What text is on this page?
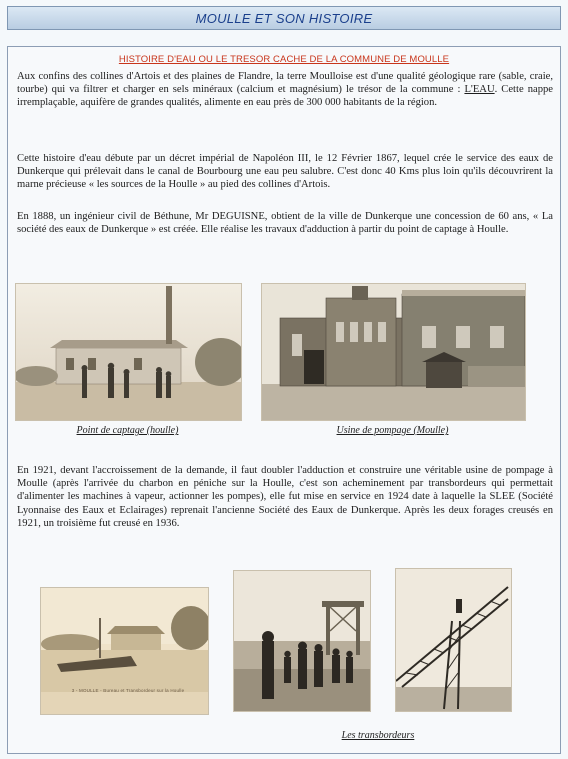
MOULLE ET SON HISTOIRE
HISTOIRE D'EAU OU LE TRESOR CACHE DE LA COMMUNE DE MOULLE

Aux confins des collines d'Artois et des plaines de Flandre, la terre Moulloise est d'une qualité géologique rare (sable, craie, tourbe) qui va filtrer et charger en sels minéraux (calcium et magnésium) le trésor de la commune : L'EAU. Cette nappe irremplaçable, aquifère de grandes qualités, alimente en eau près de 300 000 habitants de la région.

Cette histoire d'eau débute par un décret impérial de Napoléon III, le 12 Février 1867, lequel crée le service des eaux de Dunkerque qui prélevait dans le canal de Bourbourg une eau peu salubre. C'est donc 40 Kms plus loin qu'ils découvrirent la marne précieuse « les sources de la Houlle » au pied des collines d'Artois.

En 1888, un ingénieur civil de Béthune, Mr DEGUISNE, obtient de la ville de Dunkerque une concession de 60 ans, « La société des eaux de Dunkerque » est créée. Elle réalise les travaux d'adduction à partir du point de captage à Houlle.

Point de captage (houlle)	Usine de pompage (Moulle)

En 1921, devant l'accroissement de la demande, il faut doubler l'adduction et construire une véritable usine de pompage à Moulle (après l'arrivée du charbon en péniche sur la Houlle, c'est son acheminement par transbordeurs qui permettait d'alimenter les machines à vapeur, actionner les pompes), elle fut mise en service en 1924 date à laquelle la SLEE (Société Lyonnaise des Eaux et Eclairages) reprenait l'ancienne Société des Eaux de Dunkerque. Après les deux forages creusés en 1921, un troisième fut creusé en 1936.

3 - MOULLE - Bureau et Transbordeur sur la Houlle
Les transbordeurs
